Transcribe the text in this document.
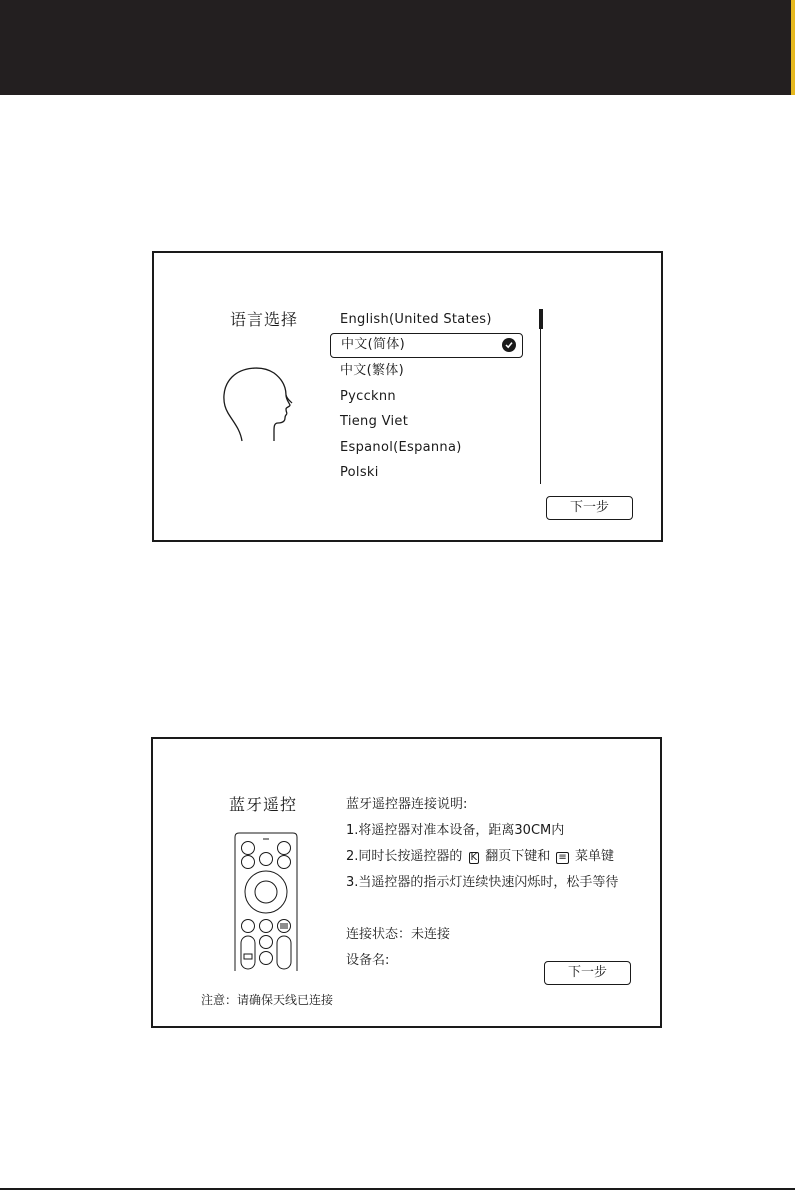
语言选择	English(United States)
中文(简体)
中文(繁体)
Pycсknn
Tieng Viet
Espanol(Espanna)
Polski
下一步
蓝牙遥控	蓝牙遥控器连接说明:
1.将遥控器对准本设备，距离30CM内
2.同时长按遥控器的 K 翻页下键和 ≡ 菜单键
3.当遥控器的指示灯连续快速闪烁时，松手等待
连接状态：未连接
设备名:
注意：请确保天线已连接
下一步
